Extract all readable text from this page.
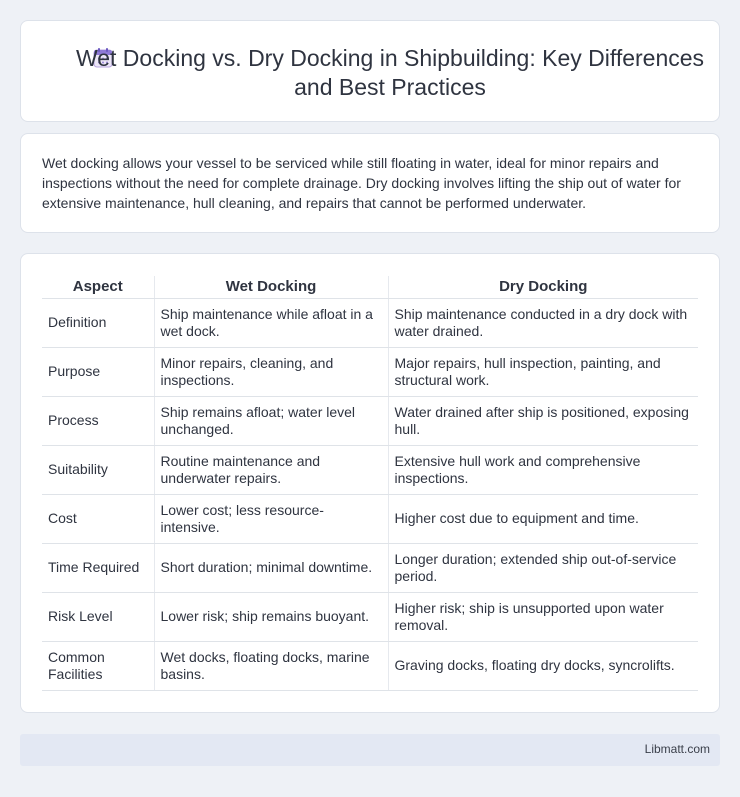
Wet Docking vs. Dry Docking in Shipbuilding: Key Differences and Best Practices

Wet docking allows your vessel to be serviced while still floating in water, ideal for minor repairs and inspections without the need for complete drainage. Dry docking involves lifting the ship out of water for extensive maintenance, hull cleaning, and repairs that cannot be performed underwater.

Aspect	Wet Docking	Dry Docking
Definition	Ship maintenance while afloat in a wet dock.	Ship maintenance conducted in a dry dock with water drained.
Purpose	Minor repairs, cleaning, and inspections.	Major repairs, hull inspection, painting, and structural work.
Process	Ship remains afloat; water level unchanged.	Water drained after ship is positioned, exposing hull.
Suitability	Routine maintenance and underwater repairs.	Extensive hull work and comprehensive inspections.
Cost	Lower cost; less resource-intensive.	Higher cost due to equipment and time.
Time Required	Short duration; minimal downtime.	Longer duration; extended ship out-of-service period.
Risk Level	Lower risk; ship remains buoyant.	Higher risk; ship is unsupported upon water removal.
Common Facilities	Wet docks, floating docks, marine basins.	Graving docks, floating dry docks, syncrolifts.
Libmatt.com
